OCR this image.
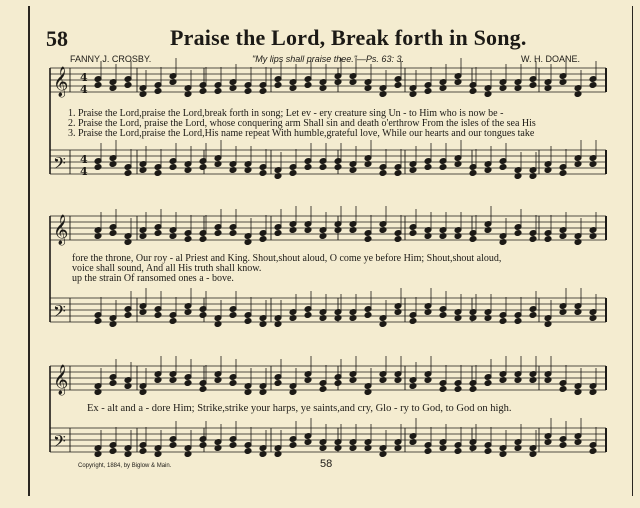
58	Praise the Lord, Break forth in Song.
FANNY J. CROSBY.	"My lips shall praise thee."—Ps. 63: 3.	W. H. DOANE.
𝄞 4
4
𝄢 4
4
𝄞
𝄢
𝄞
𝄢
1. Praise the Lord,praise the Lord,break forth in song; Let ev - ery creature sing Un - to Him who is now be -
2. Praise the Lord, praise the Lord, whose conquering arm Shall sin and death o'erthrow From the isles of the sea His
3. Praise the Lord,praise the Lord,His name repeat With humble,grateful love, While our hearts and our tongues take
fore the throne, Our roy - al Priest and King. Shout,shout aloud, O come ye before Him; Shout,shout aloud,
voice shall sound, And all His truth shall know.
up the strain Of ransomed ones a - bove.
Ex - alt and a - dore Him; Strike,strike your harps, ye saints,and cry, Glo - ry to God, to God on high.
Copyright, 1884, by Biglow & Main.	58
